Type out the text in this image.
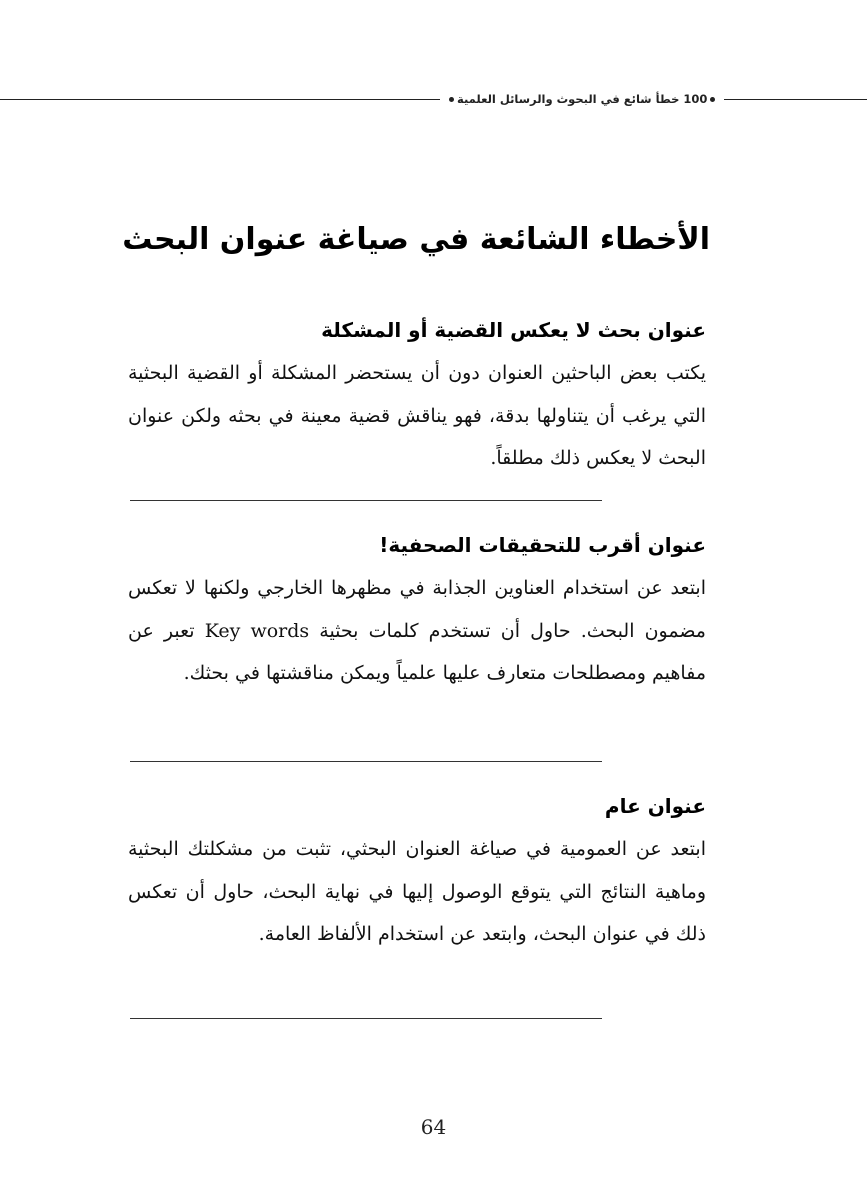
100 خطأ شائع في البحوث والرسائل العلمية
الأخطاء الشائعة في صياغة عنوان البحث
عنوان بحث لا يعكس القضية أو المشكلة

يكتب بعض الباحثين العنوان دون أن يستحضر المشكلة أو القضية البحثية التي يرغب أن يتناولها بدقة، فهو يناقش قضية معينة في بحثه ولكن عنوان البحث لا يعكس ذلك مطلقاً.

عنوان أقرب للتحقيقات الصحفية!

ابتعد عن استخدام العناوين الجذابة في مظهرها الخارجي ولكنها لا تعكس مضمون البحث. حاول أن تستخدم كلمات بحثية Key words تعبر عن مفاهيم ومصطلحات متعارف عليها علمياً ويمكن مناقشتها في بحثك.

عنوان عام

ابتعد عن العمومية في صياغة العنوان البحثي، تثبت من مشكلتك البحثية وماهية النتائج التي يتوقع الوصول إليها في نهاية البحث، حاول أن تعكس ذلك في عنوان البحث، وابتعد عن استخدام الألفاظ العامة.

64
